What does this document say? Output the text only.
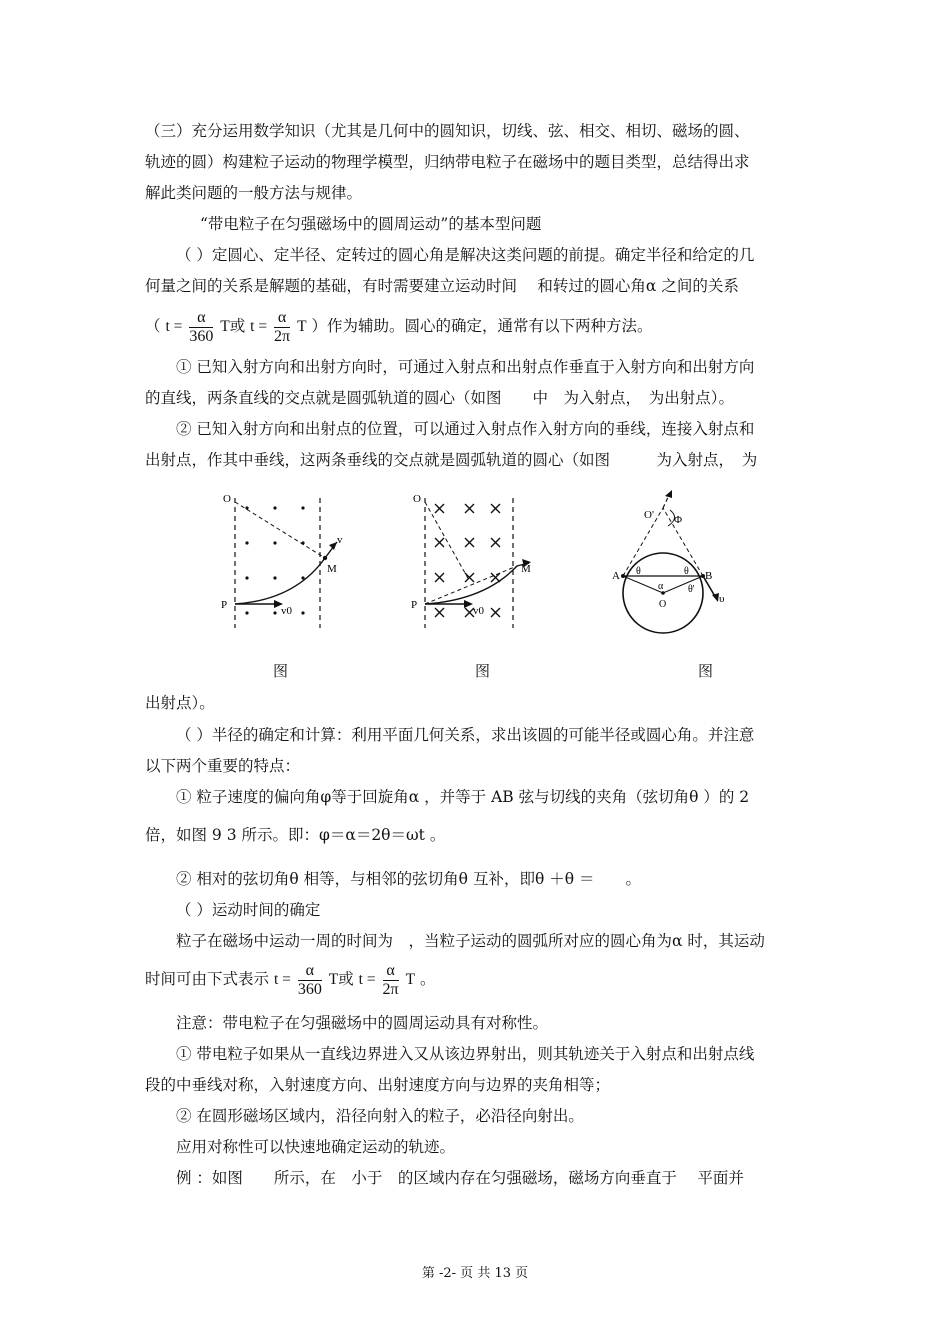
（三）充分运用数学知识（尤其是几何中的圆知识，切线、弦、相交、相切、磁场的圆、
轨迹的圆）构建粒子运动的物理学模型，归纳带电粒子在磁场中的题目类型，总结得出求
解此类问题的一般方法与规律。
“带电粒子在匀强磁场中的圆周运动”的基本型问题
（ ）定圆心、定半径、定转过的圆心角是解决这类问题的前提。确定半径和给定的几
何量之间的关系是解题的基础，有时需要建立运动时间　 和转过的圆心角α 之间的关系
（ $t = \frac{\alpha}{360}$ T或 $t = \frac{\alpha}{2\pi}$ T ）作为辅助。圆心的确定，通常有以下两种方法。
① 已知入射方向和出射方向时，可通过入射点和出射点作垂直于入射方向和出射方向
的直线，两条直线的交点就是圆弧轨道的圆心（如图　　中　为入射点，　为出射点）。
② 已知入射方向和出射点的位置，可以通过入射点作入射方向的垂线，连接入射点和
出射点，作其中垂线，这两条垂线的交点就是圆弧轨道的圆心（如图　　　为入射点，　为
O
P
M
v
v0
O
P
M
v0
A	B
O' Φ
θ	θ
α
O
θ'
υ
图	图	图
出射点）。
（ ）半径的确定和计算：利用平面几何关系，求出该圆的可能半径或圆心角。并注意
以下两个重要的特点：
① 粒子速度的偏向角φ等于回旋角α ，并等于 AB 弦与切线的夹角（弦切角θ ）的 2
倍，如图 9 3 所示。即：φ＝α＝2θ＝ωt 。
② 相对的弦切角θ 相等，与相邻的弦切角θ 互补，即θ ＋θ ＝　　。
（ ）运动时间的确定
粒子在磁场中运动一周的时间为　，当粒子运动的圆弧所对应的圆心角为α 时，其运动
时间可由下式表示 $t = \frac{\alpha}{360}$ T或 $t = \frac{\alpha}{2\pi}$ T 。
注意：带电粒子在匀强磁场中的圆周运动具有对称性。
① 带电粒子如果从一直线边界进入又从该边界射出，则其轨迹关于入射点和出射点线
段的中垂线对称，入射速度方向、出射速度方向与边界的夹角相等；
② 在圆形磁场区域内，沿径向射入的粒子，必沿径向射出。
应用对称性可以快速地确定运动的轨迹。
例 ：如图　　所示，在　小于　的区域内存在匀强磁场，磁场方向垂直于　 平面并
第 -2- 页 共 13 页
